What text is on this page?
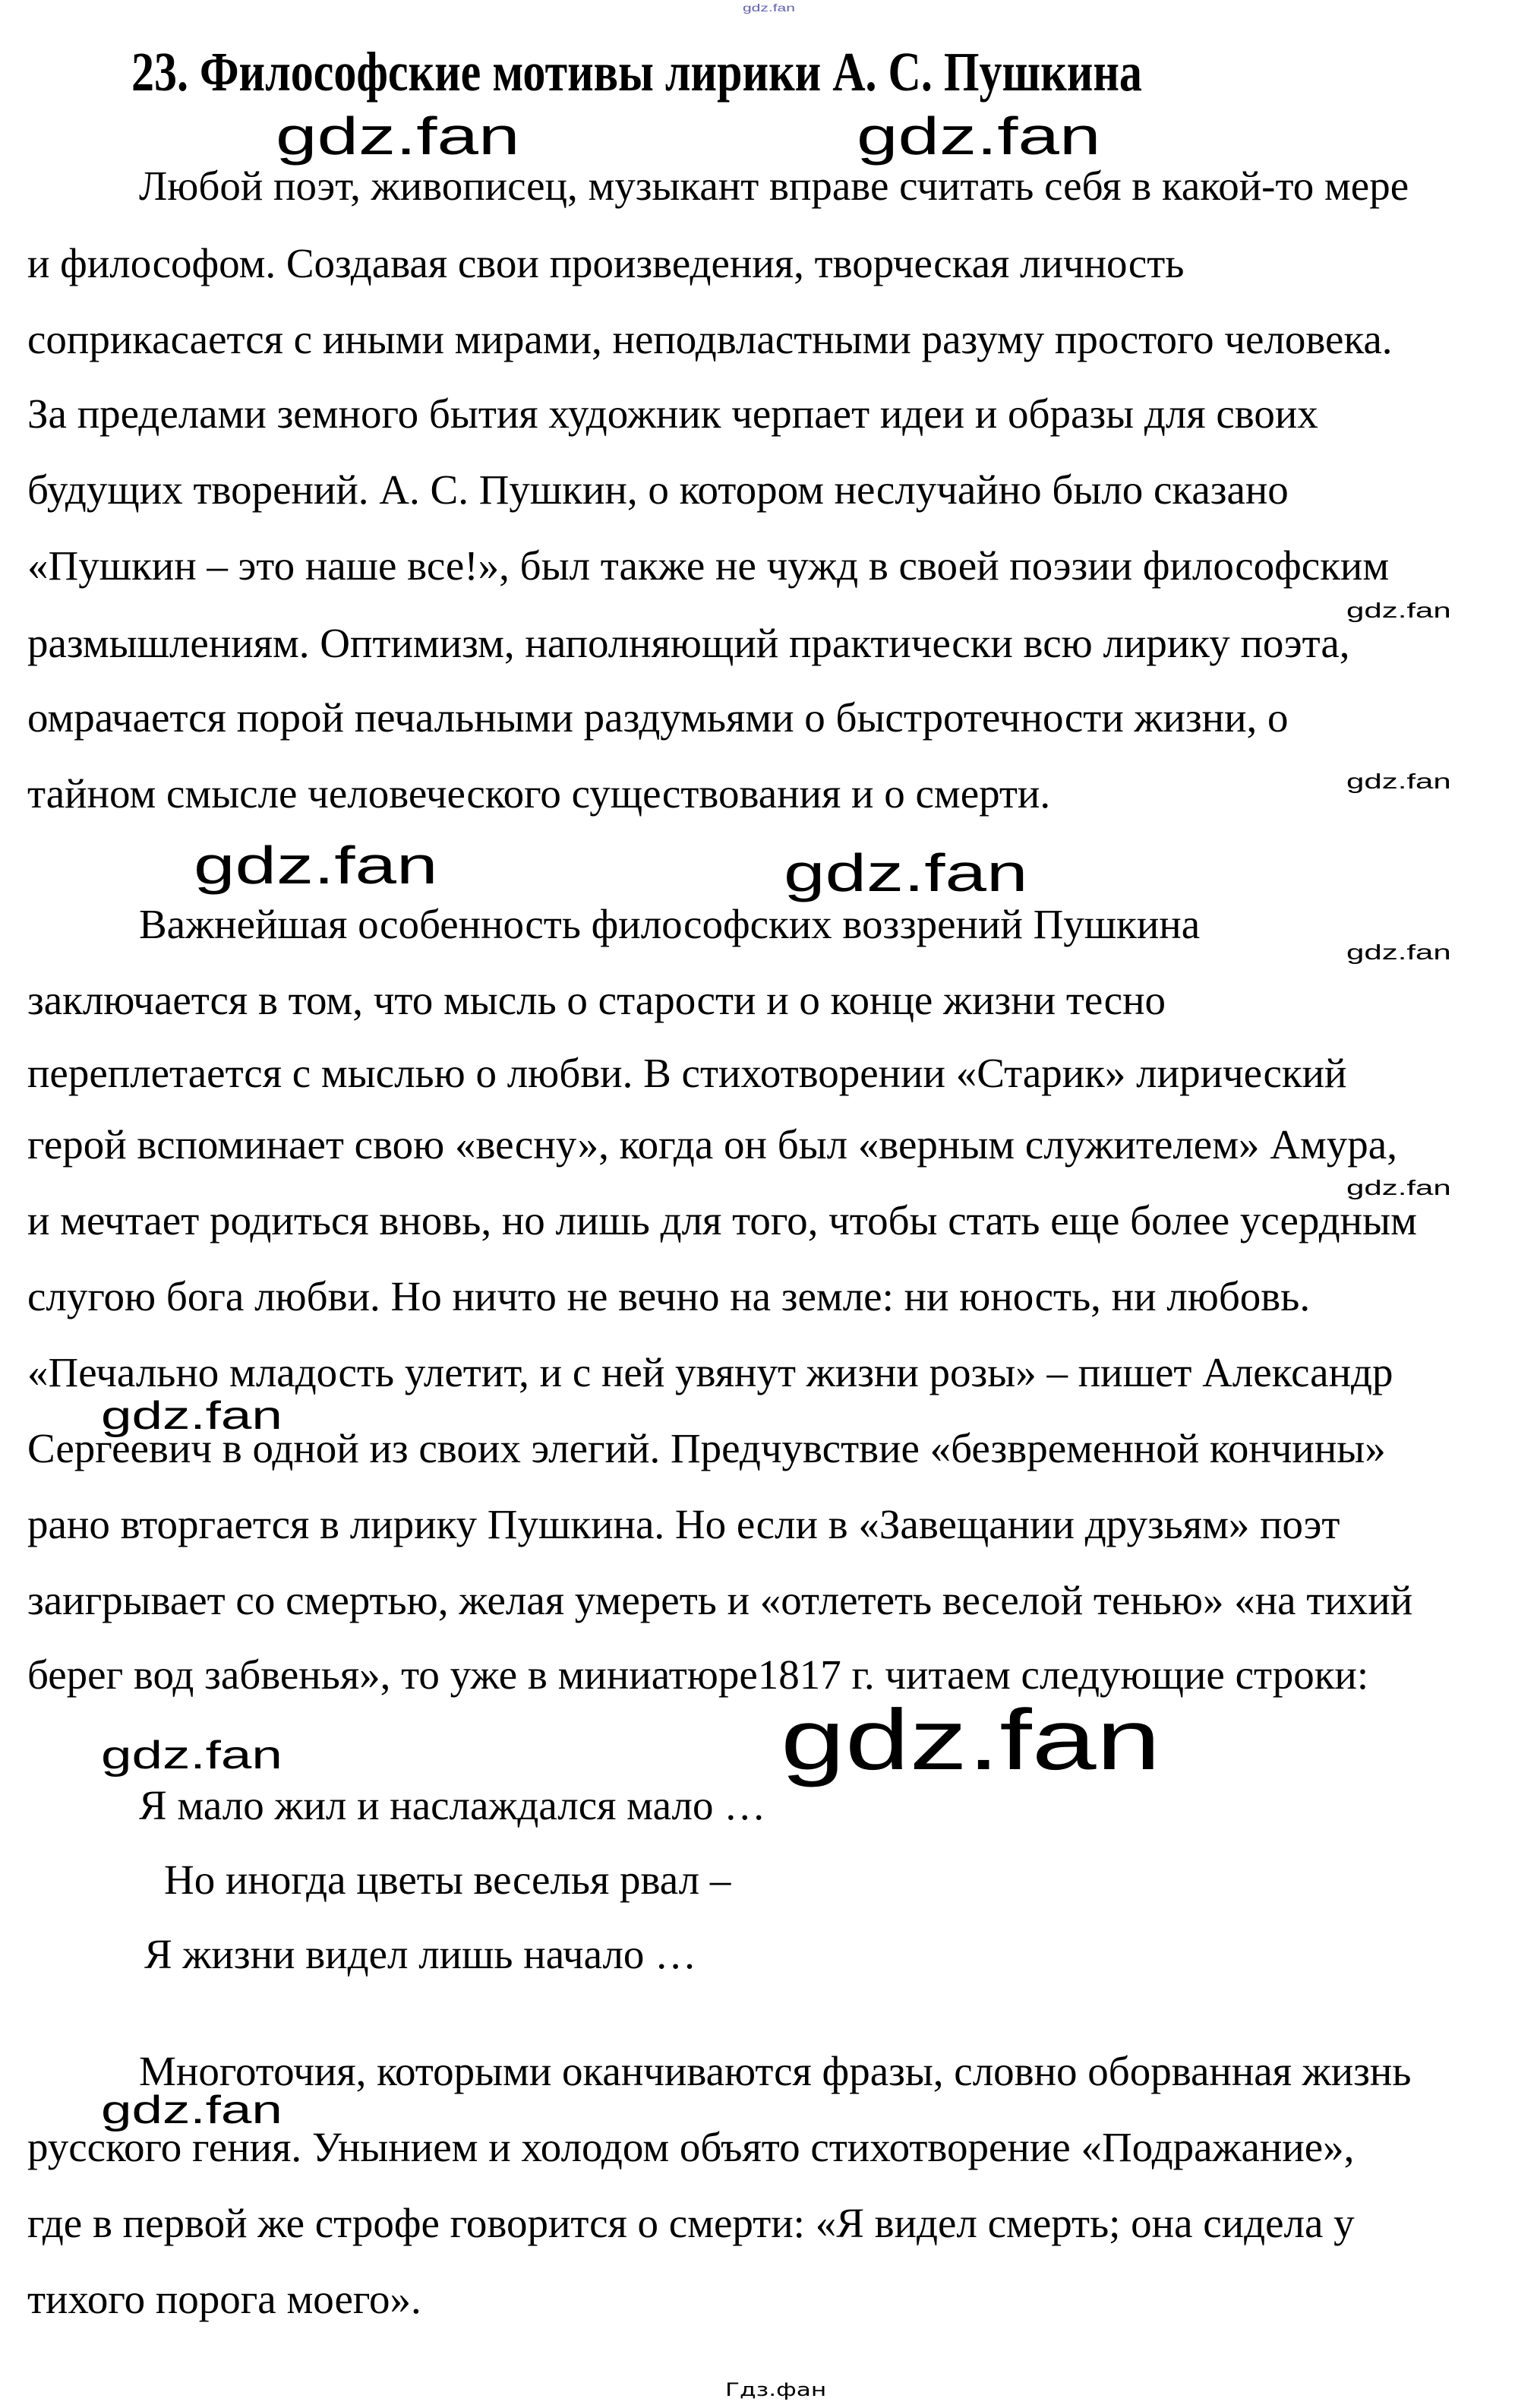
gdz.fan
gdz.fan	gdz.fan
gdz.fan
gdz.fan
gdz.fan	gdz.fan
gdz.fan
gdz.fan
gdz.fan
gdz.fan	gdz.fan
gdz.fan
23. Философские мотивы лирики А. С. Пушкина
Любой поэт, живописец, музыкант вправе считать себя в какой-то мере
и философом. Создавая свои произведения, творческая личность
соприкасается с иными мирами, неподвластными разуму простого человека.
За пределами земного бытия художник черпает идеи и образы для своих
будущих творений. А. С. Пушкин, о котором неслучайно было сказано
«Пушкин – это наше все!», был также не чужд в своей поэзии философским
размышлениям. Оптимизм, наполняющий практически всю лирику поэта,
омрачается порой печальными раздумьями о быстротечности жизни, о
тайном смысле человеческого существования и о смерти.
Важнейшая особенность философских воззрений Пушкина
заключается в том, что мысль о старости и о конце жизни тесно
переплетается с мыслью о любви. В стихотворении «Старик» лирический
герой вспоминает свою «весну», когда он был «верным служителем» Амура,
и мечтает родиться вновь, но лишь для того, чтобы стать еще более усердным
слугою бога любви. Но ничто не вечно на земле: ни юность, ни любовь.
«Печально младость улетит, и с ней увянут жизни розы» – пишет Александр
Сергеевич в одной из своих элегий. Предчувствие «безвременной кончины»
рано вторгается в лирику Пушкина. Но если в «Завещании друзьям» поэт
заигрывает со смертью, желая умереть и «отлететь веселой тенью» «на тихий
берег вод забвенья», то уже в миниатюре1817 г. читаем следующие строки:
Я мало жил и наслаждался мало …
Но иногда цветы веселья рвал –
Я жизни видел лишь начало …
Многоточия, которыми оканчиваются фразы, словно оборванная жизнь
русского гения. Унынием и холодом объято стихотворение «Подражание»,
где в первой же строфе говорится о смерти: «Я видел смерть; она сидела у
тихого порога моего».
Гдз.фан
